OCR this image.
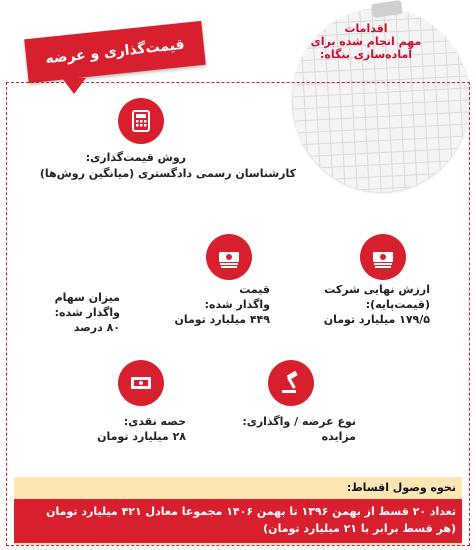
اقدامات
مهم انجام شده برای
آماده‌سازی بنگاه:
قیمت‌گذاری و عرضه
روش قیمت‌گذاری:
کارشناسان رسمی دادگستری (میانگین روش‌ها)
ارزش نهایی شرکت
(قیمت‌پایه):
۱۷۹/۵ میلیارد تومان
قیمت
واگذار شده:
۴۴۹ میلیارد تومان
میزان سهام
واگذار شده:
۸۰ درصد
نوع عرضه / واگذاری:
مزایده
حصه نقدی:
۲۸ میلیارد تومان
نحوه وصول اقساط:
تعداد ۲۰ قسط از بهمن ۱۳۹۶ تا بهمن ۱۴۰۶ مجموعا معادل ۴۲۱ میلیارد تومان
(هر قسط برابر با ۲۱ میلیارد تومان)
